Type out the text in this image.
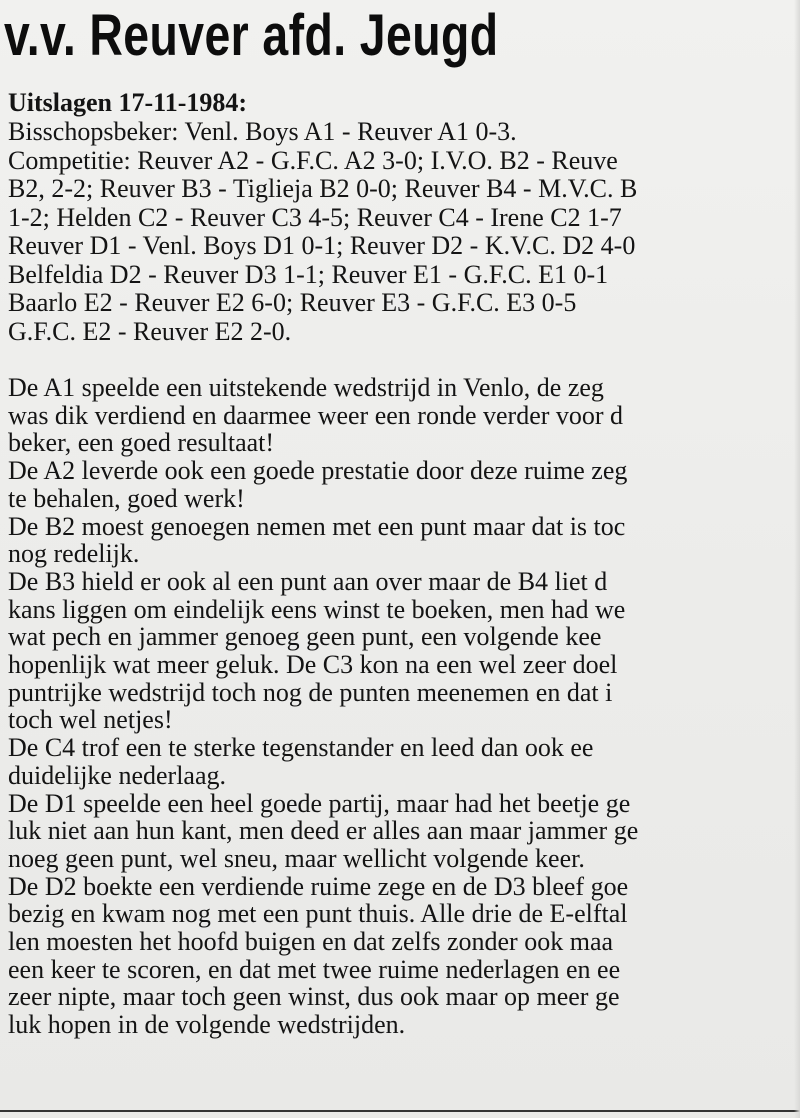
v.v. Reuver afd. Jeugd
Uitslagen 17-11-1984:
Bisschopsbeker: Venl. Boys A1 - Reuver A1 0-3.
Competitie: Reuver A2 - G.F.C. A2 3-0; I.V.O. B2 - Reuve
B2, 2-2; Reuver B3 - Tiglieja B2 0-0; Reuver B4 - M.V.C. B
1-2; Helden C2 - Reuver C3 4-5; Reuver C4 - Irene C2 1-7
Reuver D1 - Venl. Boys D1 0-1; Reuver D2 - K.V.C. D2 4-0
Belfeldia D2 - Reuver D3 1-1; Reuver E1 - G.F.C. E1 0-1
Baarlo E2 - Reuver E2 6-0; Reuver E3 - G.F.C. E3 0-5
G.F.C. E2 - Reuver E2 2-0.
De A1 speelde een uitstekende wedstrijd in Venlo, de zeg
was dik verdiend en daarmee weer een ronde verder voor d
beker, een goed resultaat!
De A2 leverde ook een goede prestatie door deze ruime zeg
te behalen, goed werk!
De B2 moest genoegen nemen met een punt maar dat is toc
nog redelijk.
De B3 hield er ook al een punt aan over maar de B4 liet d
kans liggen om eindelijk eens winst te boeken, men had we
wat pech en jammer genoeg geen punt, een volgende kee
hopenlijk wat meer geluk. De C3 kon na een wel zeer doel
puntrijke wedstrijd toch nog de punten meenemen en dat i
toch wel netjes!
De C4 trof een te sterke tegenstander en leed dan ook ee
duidelijke nederlaag.
De D1 speelde een heel goede partij, maar had het beetje ge
luk niet aan hun kant, men deed er alles aan maar jammer ge
noeg geen punt, wel sneu, maar wellicht volgende keer.
De D2 boekte een verdiende ruime zege en de D3 bleef goe
bezig en kwam nog met een punt thuis. Alle drie de E-elftal
len moesten het hoofd buigen en dat zelfs zonder ook maa
een keer te scoren, en dat met twee ruime nederlagen en ee
zeer nipte, maar toch geen winst, dus ook maar op meer ge
luk hopen in de volgende wedstrijden.
